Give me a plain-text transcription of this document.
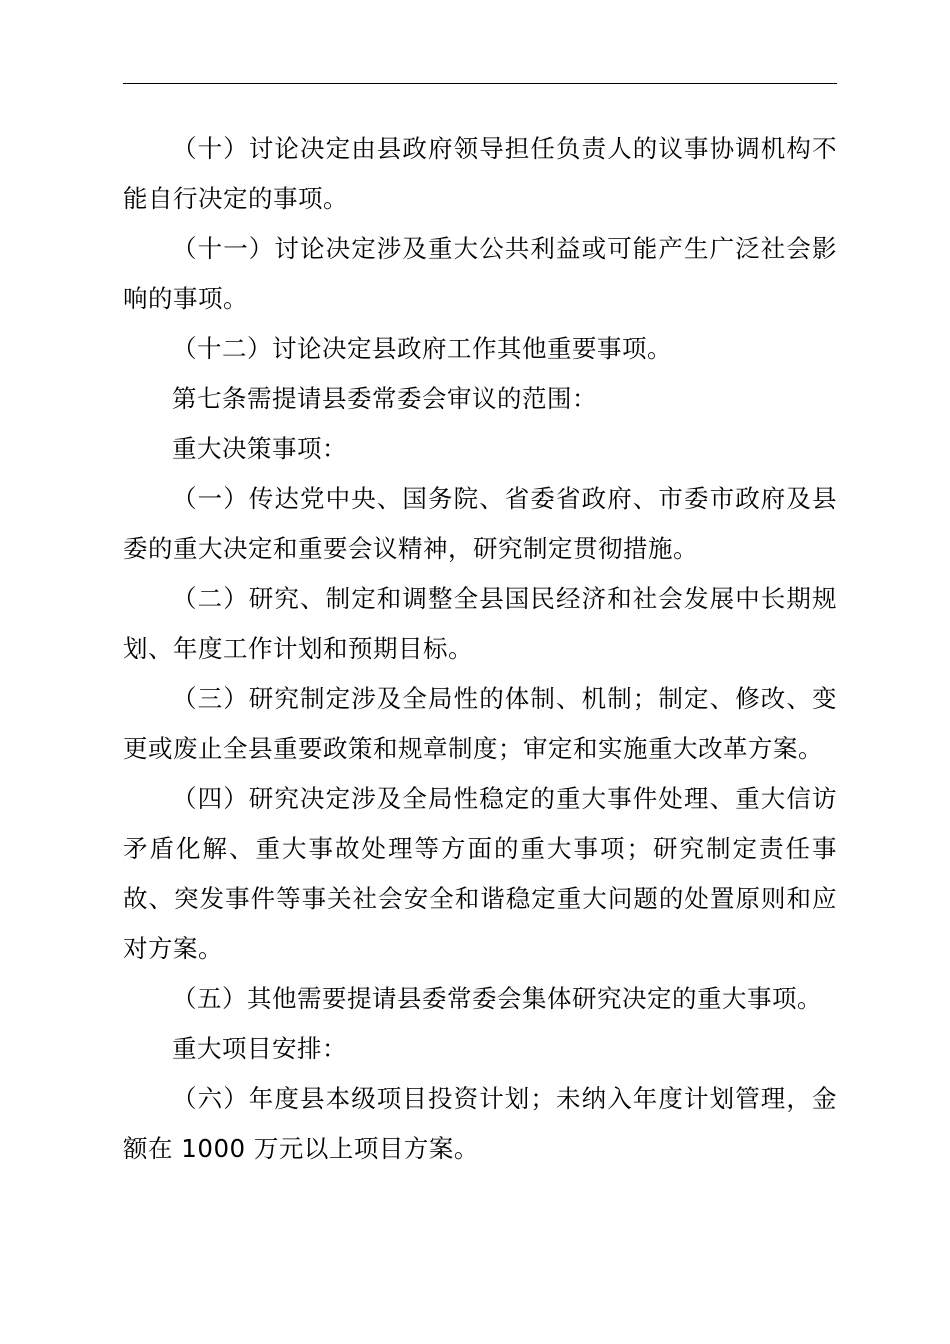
（十）讨论决定由县政府领导担任负责人的议事协调机构不能自行决定的事项。

（十一）讨论决定涉及重大公共利益或可能产生广泛社会影响的事项。

（十二）讨论决定县政府工作其他重要事项。

第七条需提请县委常委会审议的范围：

重大决策事项：

（一）传达党中央、国务院、省委省政府、市委市政府及县委的重大决定和重要会议精神，研究制定贯彻措施。

（二）研究、制定和调整全县国民经济和社会发展中长期规划、年度工作计划和预期目标。

（三）研究制定涉及全局性的体制、机制；制定、修改、变更或废止全县重要政策和规章制度；审定和实施重大改革方案。

（四）研究决定涉及全局性稳定的重大事件处理、重大信访矛盾化解、重大事故处理等方面的重大事项；研究制定责任事故、突发事件等事关社会安全和谐稳定重大问题的处置原则和应对方案。

（五）其他需要提请县委常委会集体研究决定的重大事项。

重大项目安排：

（六）年度县本级项目投资计划；未纳入年度计划管理，金额在 1000 万元以上项目方案。
